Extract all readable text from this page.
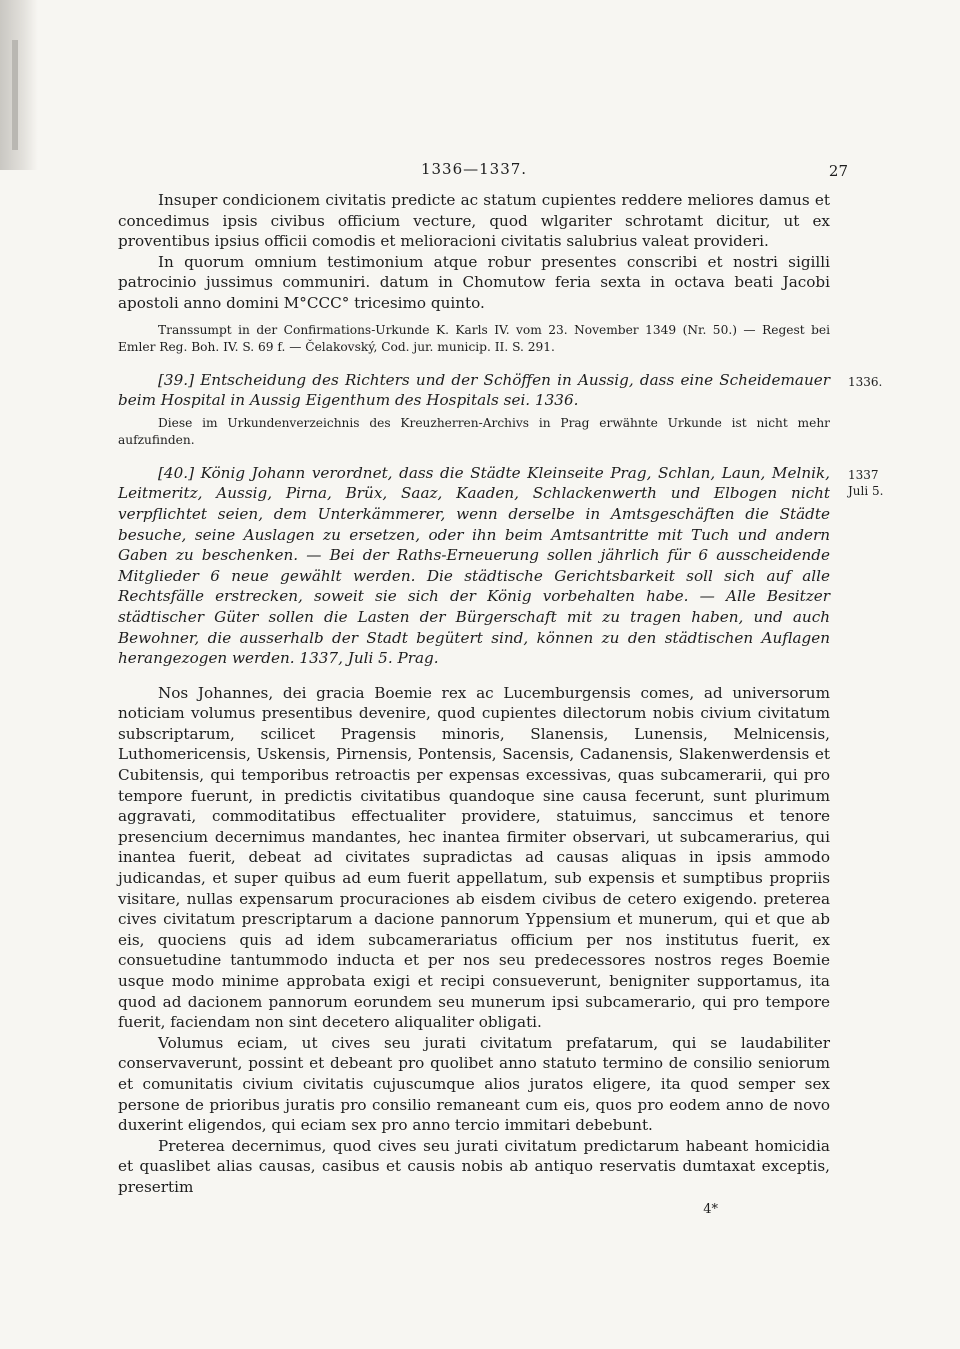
1336—1337.	27

Insuper condicionem civitatis predicte ac statum cupientes reddere meliores damus et concedimus ipsis civibus officium vecture, quod wlgariter schrotamt dicitur, ut ex proventibus ipsius officii comodis et melioracioni civitatis salubrius valeat provideri.

In quorum omnium testimonium atque robur presentes conscribi et nostri sigilli patrocinio jussimus communiri. datum in Chomutow feria sexta in octava beati Jacobi apostoli anno domini M°CCC° tricesimo quinto.

Transsumpt in der Confirmations-Urkunde K. Karls IV. vom 23. November 1349 (Nr. 50.) — Regest bei Emler Reg. Boh. IV. S. 69 f. — Čelakovský, Cod. jur. municip. II. S. 291.

[39.] Entscheidung des Richters und der Schöffen in Aussig, dass eine Scheidemauer beim Hospital in Aussig Eigenthum des Hospitals sei. 1336.

1336.

Diese im Urkundenverzeichnis des Kreuzherren-Archivs in Prag erwähnte Urkunde ist nicht mehr aufzufinden.

[40.] König Johann verordnet, dass die Städte Kleinseite Prag, Schlan, Laun, Melnik, Leitmeritz, Aussig, Pirna, Brüx, Saaz, Kaaden, Schlackenwerth und Elbogen nicht verpflichtet seien, dem Unterkämmerer, wenn derselbe in Amtsgeschäften die Städte besuche, seine Auslagen zu ersetzen, oder ihn beim Amtsantritte mit Tuch und andern Gaben zu beschenken. — Bei der Raths-Erneuerung sollen jährlich für 6 ausscheidende Mitglieder 6 neue gewählt werden. Die städtische Gerichtsbarkeit soll sich auf alle Rechtsfälle erstrecken, soweit sie sich der König vorbehalten habe. — Alle Besitzer städtischer Güter sollen die Lasten der Bürgerschaft mit zu tragen haben, und auch Bewohner, die ausserhalb der Stadt begütert sind, können zu den städtischen Auflagen herangezogen werden. 1337, Juli 5. Prag.

1337
Juli 5.

Nos Johannes, dei gracia Boemie rex ac Lucemburgensis comes, ad universorum noticiam volumus presentibus devenire, quod cupientes dilectorum nobis civium civitatum subscriptarum, scilicet Pragensis minoris, Slanensis, Lunensis, Melnicensis, Luthomericensis, Uskensis, Pirnensis, Pontensis, Sacensis, Cadanensis, Slakenwerdensis et Cubitensis, qui temporibus retroactis per expensas excessivas, quas subcamerarii, qui pro tempore fuerunt, in predictis civitatibus quandoque sine causa fecerunt, sunt plurimum aggravati, commoditatibus effectualiter providere, statuimus, sanccimus et tenore presencium decernimus mandantes, hec inantea firmiter observari, ut subcamerarius, qui inantea fuerit, debeat ad civitates supradictas ad causas aliquas in ipsis ammodo judicandas, et super quibus ad eum fuerit appellatum, sub expensis et sumptibus propriis visitare, nullas expensarum procuraciones ab eisdem civibus de cetero exigendo. preterea cives civitatum prescriptarum a dacione pannorum Yppensium et munerum, qui et que ab eis, quociens quis ad idem subcamerariatus officium per nos institutus fuerit, ex consuetudine tantummodo inducta et per nos seu predecessores nostros reges Boemie usque modo minime approbata exigi et recipi consueverunt, benigniter supportamus, ita quod ad dacionem pannorum eorundem seu munerum ipsi subcamerario, qui pro tempore fuerit, faciendam non sint decetero aliqualiter obligati.

Volumus eciam, ut cives seu jurati civitatum prefatarum, qui se laudabiliter conservaverunt, possint et debeant pro quolibet anno statuto termino de consilio seniorum et comunitatis civium civitatis cujuscumque alios juratos eligere, ita quod semper sex persone de prioribus juratis pro consilio remaneant cum eis, quos pro eodem anno de novo duxerint eligendos, qui eciam sex pro anno tercio immitari debebunt.

Preterea decernimus, quod cives seu jurati civitatum predictarum habeant homicidia et quaslibet alias causas, casibus et causis nobis ab antiquo reservatis dumtaxat exceptis, presertim

4*
